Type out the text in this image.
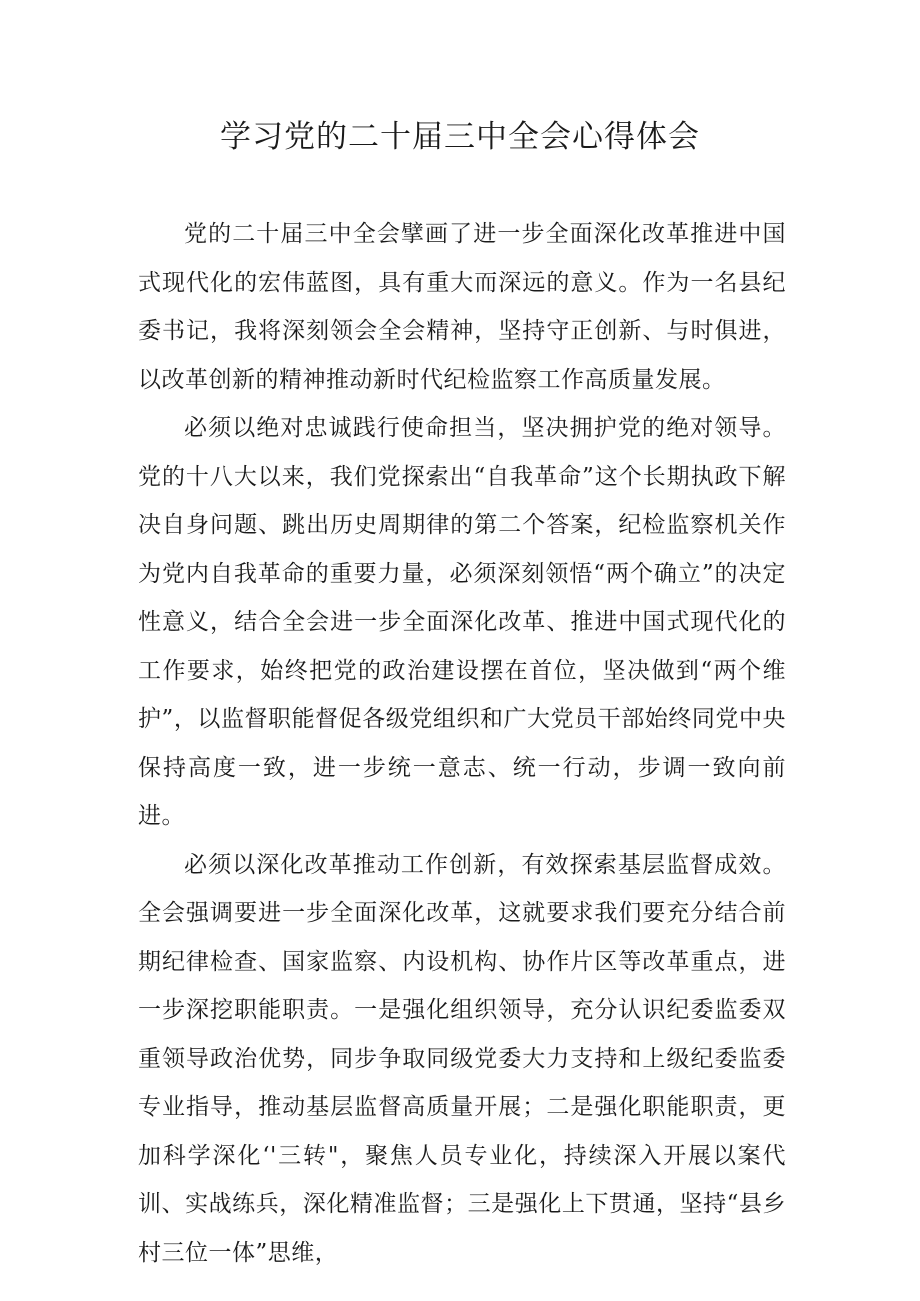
学习党的二十届三中全会心得体会

党的二十届三中全会擘画了进一步全面深化改革推进中国式现代化的宏伟蓝图，具有重大而深远的意义。作为一名县纪委书记，我将深刻领会全会精神，坚持守正创新、与时俱进，以改革创新的精神推动新时代纪检监察工作高质量发展。

必须以绝对忠诚践行使命担当，坚决拥护党的绝对领导。党的十八大以来，我们党探索出“自我革命”这个长期执政下解决自身问题、跳出历史周期律的第二个答案，纪检监察机关作为党内自我革命的重要力量，必须深刻领悟“两个确立”的决定性意义，结合全会进一步全面深化改革、推进中国式现代化的工作要求，始终把党的政治建设摆在首位，坚决做到“两个维护”，以监督职能督促各级党组织和广大党员干部始终同党中央保持高度一致，进一步统一意志、统一行动，步调一致向前进。

必须以深化改革推动工作创新，有效探索基层监督成效。全会强调要进一步全面深化改革，这就要求我们要充分结合前期纪律检查、国家监察、内设机构、协作片区等改革重点，进一步深挖职能职责。一是强化组织领导，充分认识纪委监委双重领导政治优势，同步争取同级党委大力支持和上级纪委监委专业指导，推动基层监督高质量开展；二是强化职能职责，更加科学深化‘'三转"，聚焦人员专业化，持续深入开展以案代训、实战练兵，深化精准监督；三是强化上下贯通，坚持“县乡村三位一体”思维，
